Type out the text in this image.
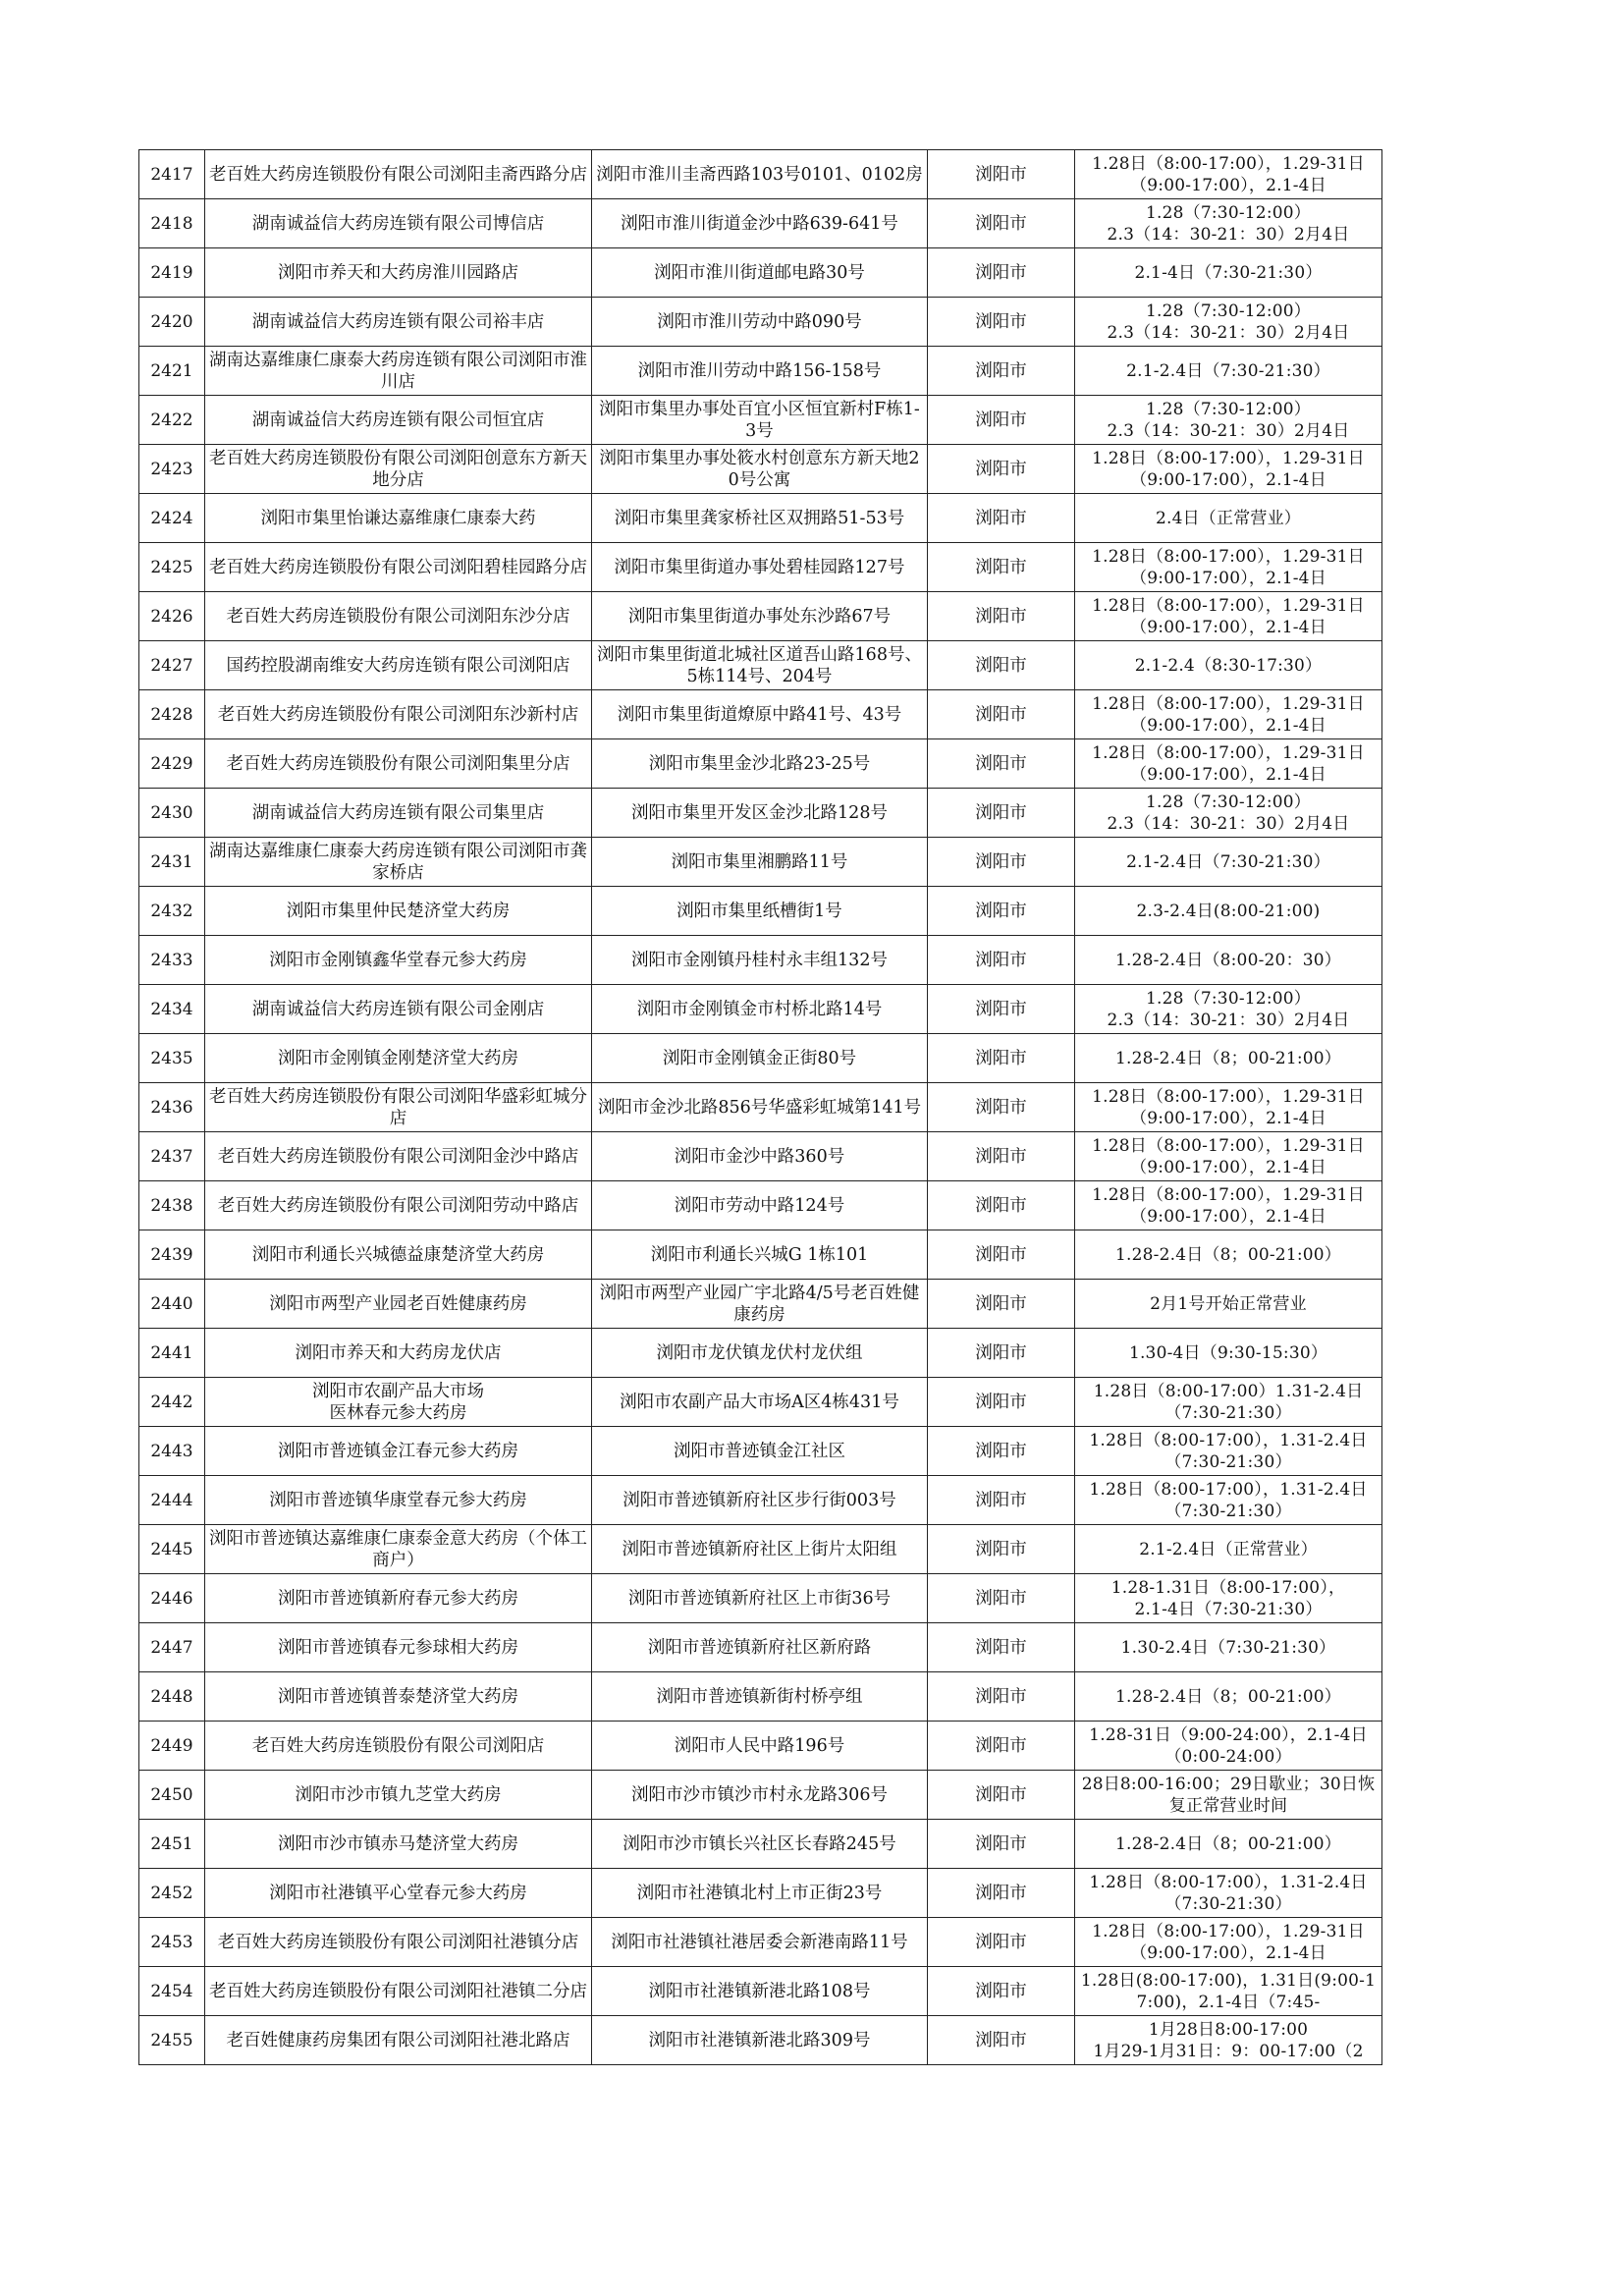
2417	老百姓大药房连锁股份有限公司浏阳圭斋西路分店	浏阳市淮川圭斋西路103号0101、0102房	浏阳市	1.28日（8:00-17:00），1.29-31日（9:00-17:00），2.1-4日
2418	湖南诚益信大药房连锁有限公司博信店	浏阳市淮川街道金沙中路639-641号	浏阳市	1.28（7:30-12:00）
2.3（14：30-21：30）2月4日
2419	浏阳市养天和大药房淮川园路店	浏阳市淮川街道邮电路30号	浏阳市	2.1-4日（7:30-21:30）
2420	湖南诚益信大药房连锁有限公司裕丰店	浏阳市淮川劳动中路090号	浏阳市	1.28（7:30-12:00）
2.3（14：30-21：30）2月4日
2421	湖南达嘉维康仁康泰大药房连锁有限公司浏阳市淮川店	浏阳市淮川劳动中路156-158号	浏阳市	2.1-2.4日（7:30-21:30）
2422	湖南诚益信大药房连锁有限公司恒宜店	浏阳市集里办事处百宜小区恒宜新村F栋1-3号	浏阳市	1.28（7:30-12:00）
2.3（14：30-21：30）2月4日
2423	老百姓大药房连锁股份有限公司浏阳创意东方新天地分店	浏阳市集里办事处筱水村创意东方新天地20号公寓	浏阳市	1.28日（8:00-17:00），1.29-31日（9:00-17:00），2.1-4日
2424	浏阳市集里怡谦达嘉维康仁康泰大药	浏阳市集里龚家桥社区双拥路51-53号	浏阳市	2.4日（正常营业）
2425	老百姓大药房连锁股份有限公司浏阳碧桂园路分店	浏阳市集里街道办事处碧桂园路127号	浏阳市	1.28日（8:00-17:00），1.29-31日（9:00-17:00），2.1-4日
2426	老百姓大药房连锁股份有限公司浏阳东沙分店	浏阳市集里街道办事处东沙路67号	浏阳市	1.28日（8:00-17:00），1.29-31日（9:00-17:00），2.1-4日
2427	国药控股湖南维安大药房连锁有限公司浏阳店	浏阳市集里街道北城社区道吾山路168号、5栋114号、204号	浏阳市	2.1-2.4（8:30-17:30）
2428	老百姓大药房连锁股份有限公司浏阳东沙新村店	浏阳市集里街道燎原中路41号、43号	浏阳市	1.28日（8:00-17:00），1.29-31日（9:00-17:00），2.1-4日
2429	老百姓大药房连锁股份有限公司浏阳集里分店	浏阳市集里金沙北路23-25号	浏阳市	1.28日（8:00-17:00），1.29-31日（9:00-17:00），2.1-4日
2430	湖南诚益信大药房连锁有限公司集里店	浏阳市集里开发区金沙北路128号	浏阳市	1.28（7:30-12:00）
2.3（14：30-21：30）2月4日
2431	湖南达嘉维康仁康泰大药房连锁有限公司浏阳市龚家桥店	浏阳市集里湘鹏路11号	浏阳市	2.1-2.4日（7:30-21:30）
2432	浏阳市集里仲民楚济堂大药房	浏阳市集里纸槽街1号	浏阳市	2.3-2.4日(8:00-21:00)
2433	浏阳市金刚镇鑫华堂春元参大药房	浏阳市金刚镇丹桂村永丰组132号	浏阳市	1.28-2.4日（8:00-20：30）
2434	湖南诚益信大药房连锁有限公司金刚店	浏阳市金刚镇金市村桥北路14号	浏阳市	1.28（7:30-12:00）
2.3（14：30-21：30）2月4日
2435	浏阳市金刚镇金刚楚济堂大药房	浏阳市金刚镇金正街80号	浏阳市	1.28-2.4日（8；00-21:00）
2436	老百姓大药房连锁股份有限公司浏阳华盛彩虹城分店	浏阳市金沙北路856号华盛彩虹城第141号	浏阳市	1.28日（8:00-17:00），1.29-31日（9:00-17:00），2.1-4日
2437	老百姓大药房连锁股份有限公司浏阳金沙中路店	浏阳市金沙中路360号	浏阳市	1.28日（8:00-17:00），1.29-31日（9:00-17:00），2.1-4日
2438	老百姓大药房连锁股份有限公司浏阳劳动中路店	浏阳市劳动中路124号	浏阳市	1.28日（8:00-17:00），1.29-31日（9:00-17:00），2.1-4日
2439	浏阳市利通长兴城德益康楚济堂大药房	浏阳市利通长兴城G 1栋101	浏阳市	1.28-2.4日（8；00-21:00）
2440	浏阳市两型产业园老百姓健康药房	浏阳市两型产业园广宇北路4/5号老百姓健康药房	浏阳市	2月1号开始正常营业
2441	浏阳市养天和大药房龙伏店	浏阳市龙伏镇龙伏村龙伏组	浏阳市	1.30-4日（9:30-15:30）
2442	浏阳市农副产品大市场
医林春元参大药房	浏阳市农副产品大市场A区4栋431号	浏阳市	1.28日（8:00-17:00）1.31-2.4日（7:30-21:30）
2443	浏阳市普迹镇金江春元参大药房	浏阳市普迹镇金江社区	浏阳市	1.28日（8:00-17:00），1.31-2.4日（7:30-21:30）
2444	浏阳市普迹镇华康堂春元参大药房	浏阳市普迹镇新府社区步行街003号	浏阳市	1.28日（8:00-17:00），1.31-2.4日（7:30-21:30）
2445	浏阳市普迹镇达嘉维康仁康泰金意大药房（个体工商户）	浏阳市普迹镇新府社区上街片太阳组	浏阳市	2.1-2.4日（正常营业）
2446	浏阳市普迹镇新府春元参大药房	浏阳市普迹镇新府社区上市街36号	浏阳市	1.28-1.31日（8:00-17:00），
2.1-4日（7:30-21:30）
2447	浏阳市普迹镇春元参球相大药房	浏阳市普迹镇新府社区新府路	浏阳市	1.30-2.4日（7:30-21:30）
2448	浏阳市普迹镇普泰楚济堂大药房	浏阳市普迹镇新街村桥亭组	浏阳市	1.28-2.4日（8；00-21:00）
2449	老百姓大药房连锁股份有限公司浏阳店	浏阳市人民中路196号	浏阳市	1.28-31日（9:00-24:00），2.1-4日（0:00-24:00）
2450	浏阳市沙市镇九芝堂大药房	浏阳市沙市镇沙市村永龙路306号	浏阳市	28日8:00-16:00；29日歇业；30日恢复正常营业时间
2451	浏阳市沙市镇赤马楚济堂大药房	浏阳市沙市镇长兴社区长春路245号	浏阳市	1.28-2.4日（8；00-21:00）
2452	浏阳市社港镇平心堂春元参大药房	浏阳市社港镇北村上市正街23号	浏阳市	1.28日（8:00-17:00），1.31-2.4日（7:30-21:30）
2453	老百姓大药房连锁股份有限公司浏阳社港镇分店	浏阳市社港镇社港居委会新港南路11号	浏阳市	1.28日（8:00-17:00），1.29-31日（9:00-17:00），2.1-4日
2454	老百姓大药房连锁股份有限公司浏阳社港镇二分店	浏阳市社港镇新港北路108号	浏阳市	1.28日(8:00-17:00)，1.31日(9:00-17:00)，2.1-4日（7:45-
2455	老百姓健康药房集团有限公司浏阳社港北路店	浏阳市社港镇新港北路309号	浏阳市	1月28日8:00-17:00
1月29-1月31日：9：00-17:00（2
